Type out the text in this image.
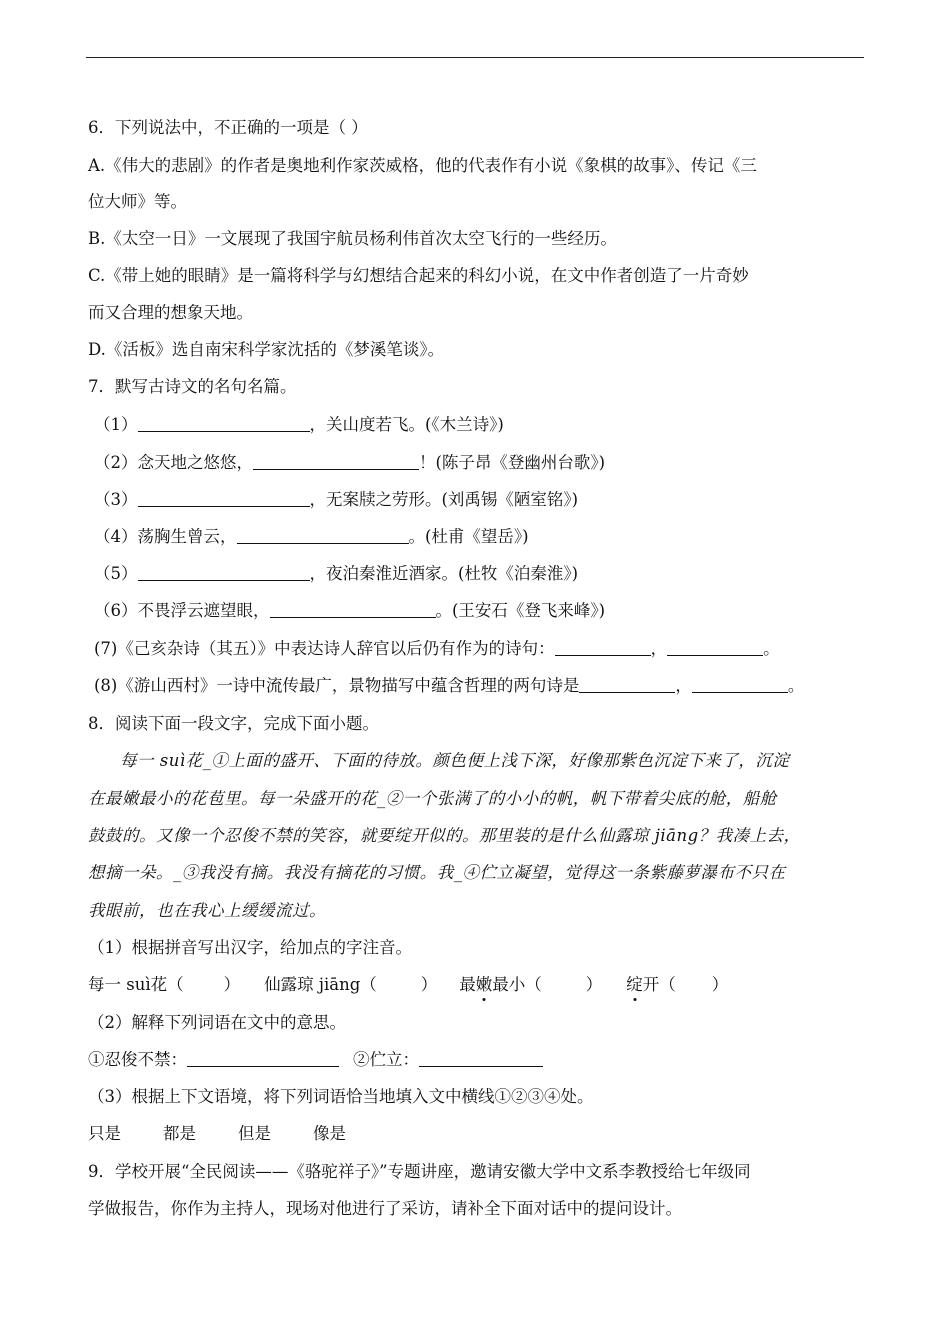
6．下列说法中，不正确的一项是（ ）
A.《伟大的悲剧》的作者是奥地利作家茨威格，他的代表作有小说《象棋的故事》、传记《三
位大师》等。
B.《太空一日》一文展现了我国宇航员杨利伟首次太空飞行的一些经历。
C.《带上她的眼睛》是一篇将科学与幻想结合起来的科幻小说，在文中作者创造了一片奇妙
而又合理的想象天地。
D.《活板》选自南宋科学家沈括的《梦溪笔谈》。
7．默写古诗文的名句名篇。
（1）	，关山度若飞。(《木兰诗》)
（2）念天地之悠悠，	！(陈子昂《登幽州台歌》)
（3）	，无案牍之劳形。(刘禹锡《陋室铭》)
（4）荡胸生曾云，	。(杜甫《望岳》)
（5）	，夜泊秦淮近酒家。(杜牧《泊秦淮》)
（6）不畏浮云遮望眼，	。(王安石《登飞来峰》)
(7)《己亥杂诗（其五）》中表达诗人辞官以后仍有作为的诗句：	，	。
(8)《游山西村》一诗中流传最广，景物描写中蕴含哲理的两句诗是	，	。
8．阅读下面一段文字，完成下面小题。
每一 suì花_①上面的盛开、下面的待放。颜色便上浅下深，好像那紫色沉淀下来了，沉淀
在最嫩最小的花苞里。每一朵盛开的花_②一个张满了的小小的帆，帆下带着尖底的舱，船舱
鼓鼓的。又像一个忍俊不禁的笑容，就要绽开似的。那里装的是什么仙露琼 jiāng？我凑上去，
想摘一朵。_③我没有摘。我没有摘花的习惯。我_④伫立凝望，觉得这一条紫藤萝瀑布不只在
我眼前，也在我心上缓缓流过。
（1）根据拼音写出汉字，给加点的字注音。
每一 suì花（ ） 仙露琼 jiāng（	） 最嫩最小（	） 绽开（ ）
（2）解释下列词语在文中的意思。
①忍俊不禁：	②伫立：
（3）根据上下文语境，将下列词语恰当地填入文中横线①②③④处。
只是	都是	但是	像是
9．学校开展“全民阅读——《骆驼祥子》”专题讲座，邀请安徽大学中文系李教授给七年级同
学做报告，你作为主持人，现场对他进行了采访，请补全下面对话中的提问设计。
